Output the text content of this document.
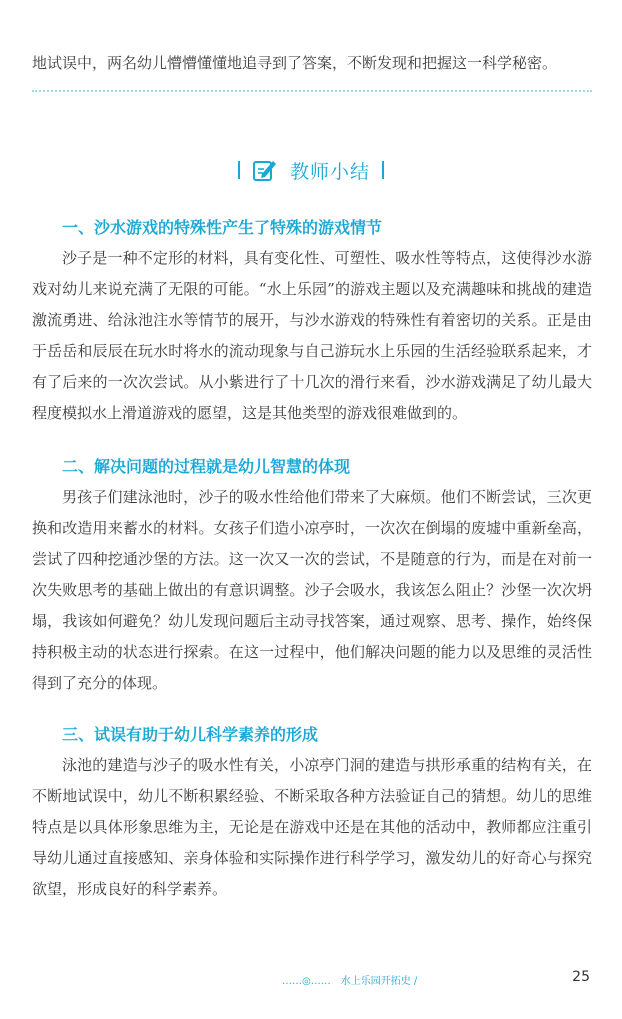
地试误中，两名幼儿懵懵懂懂地追寻到了答案，不断发现和把握这一科学秘密。

教师小结
一、沙水游戏的特殊性产生了特殊的游戏情节

沙子是一种不定形的材料，具有变化性、可塑性、吸水性等特点，这使得沙水游戏对幼儿来说充满了无限的可能。“水上乐园”的游戏主题以及充满趣味和挑战的建造激流勇进、给泳池注水等情节的展开，与沙水游戏的特殊性有着密切的关系。正是由于岳岳和辰辰在玩水时将水的流动现象与自己游玩水上乐园的生活经验联系起来，才有了后来的一次次尝试。从小紫进行了十几次的滑行来看，沙水游戏满足了幼儿最大程度模拟水上滑道游戏的愿望，这是其他类型的游戏很难做到的。

二、解决问题的过程就是幼儿智慧的体现

男孩子们建泳池时，沙子的吸水性给他们带来了大麻烦。他们不断尝试，三次更换和改造用来蓄水的材料。女孩子们造小凉亭时，一次次在倒塌的废墟中重新垒高，尝试了四种挖通沙堡的方法。这一次又一次的尝试，不是随意的行为，而是在对前一次失败思考的基础上做出的有意识调整。沙子会吸水，我该怎么阻止？沙堡一次次坍塌，我该如何避免？幼儿发现问题后主动寻找答案，通过观察、思考、操作，始终保持积极主动的状态进行探索。在这一过程中，他们解决问题的能力以及思维的灵活性得到了充分的体现。

三、试误有助于幼儿科学素养的形成

泳池的建造与沙子的吸水性有关，小凉亭门洞的建造与拱形承重的结构有关，在不断地试误中，幼儿不断积累经验、不断采取各种方法验证自己的猜想。幼儿的思维特点是以具体形象思维为主，无论是在游戏中还是在其他的活动中，教师都应注重引导幼儿通过直接感知、亲身体验和实际操作进行科学学习，激发幼儿的好奇心与探究欲望，形成良好的科学素养。

……◎……　水上乐园开拓史 /	25
